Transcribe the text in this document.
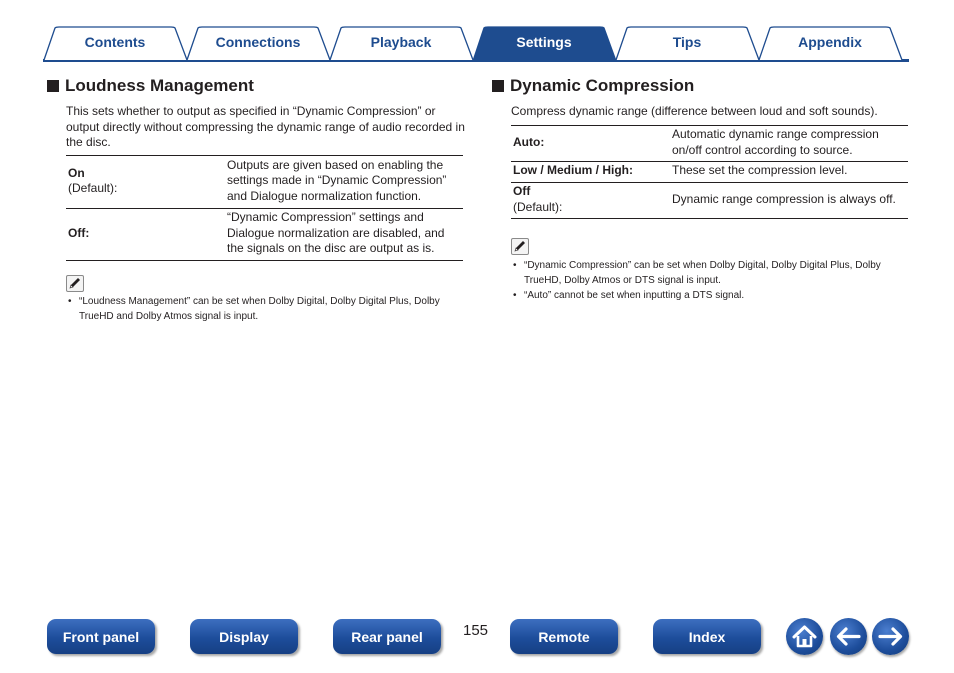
Contents	Connections	Playback	Settings	Tips	Appendix
Loudness Management

This sets whether to output as specified in “Dynamic Compression” or output directly without compressing the dynamic range of audio recorded in the disc.

On
(Default):	Outputs are given based on enabling the settings made in “Dynamic Compression” and Dialogue normalization function.
Off:	“Dynamic Compression” settings and Dialogue normalization are disabled, and the signals on the disc are output as is.
• “Loudness Management” can be set when Dolby Digital, Dolby Digital Plus, Dolby TrueHD and Dolby Atmos signal is input.
Dynamic Compression

Compress dynamic range (difference between loud and soft sounds).

Auto:	Automatic dynamic range compression on/off control according to source.
Low / Medium / High:	These set the compression level.
Off
(Default):	Dynamic range compression is always off.
• “Dynamic Compression” can be set when Dolby Digital, Dolby Digital Plus, Dolby TrueHD, Dolby Atmos or DTS signal is input.
• “Auto” cannot be set when inputting a DTS signal.
Front panel	Display	Rear panel	155	Remote	Index
